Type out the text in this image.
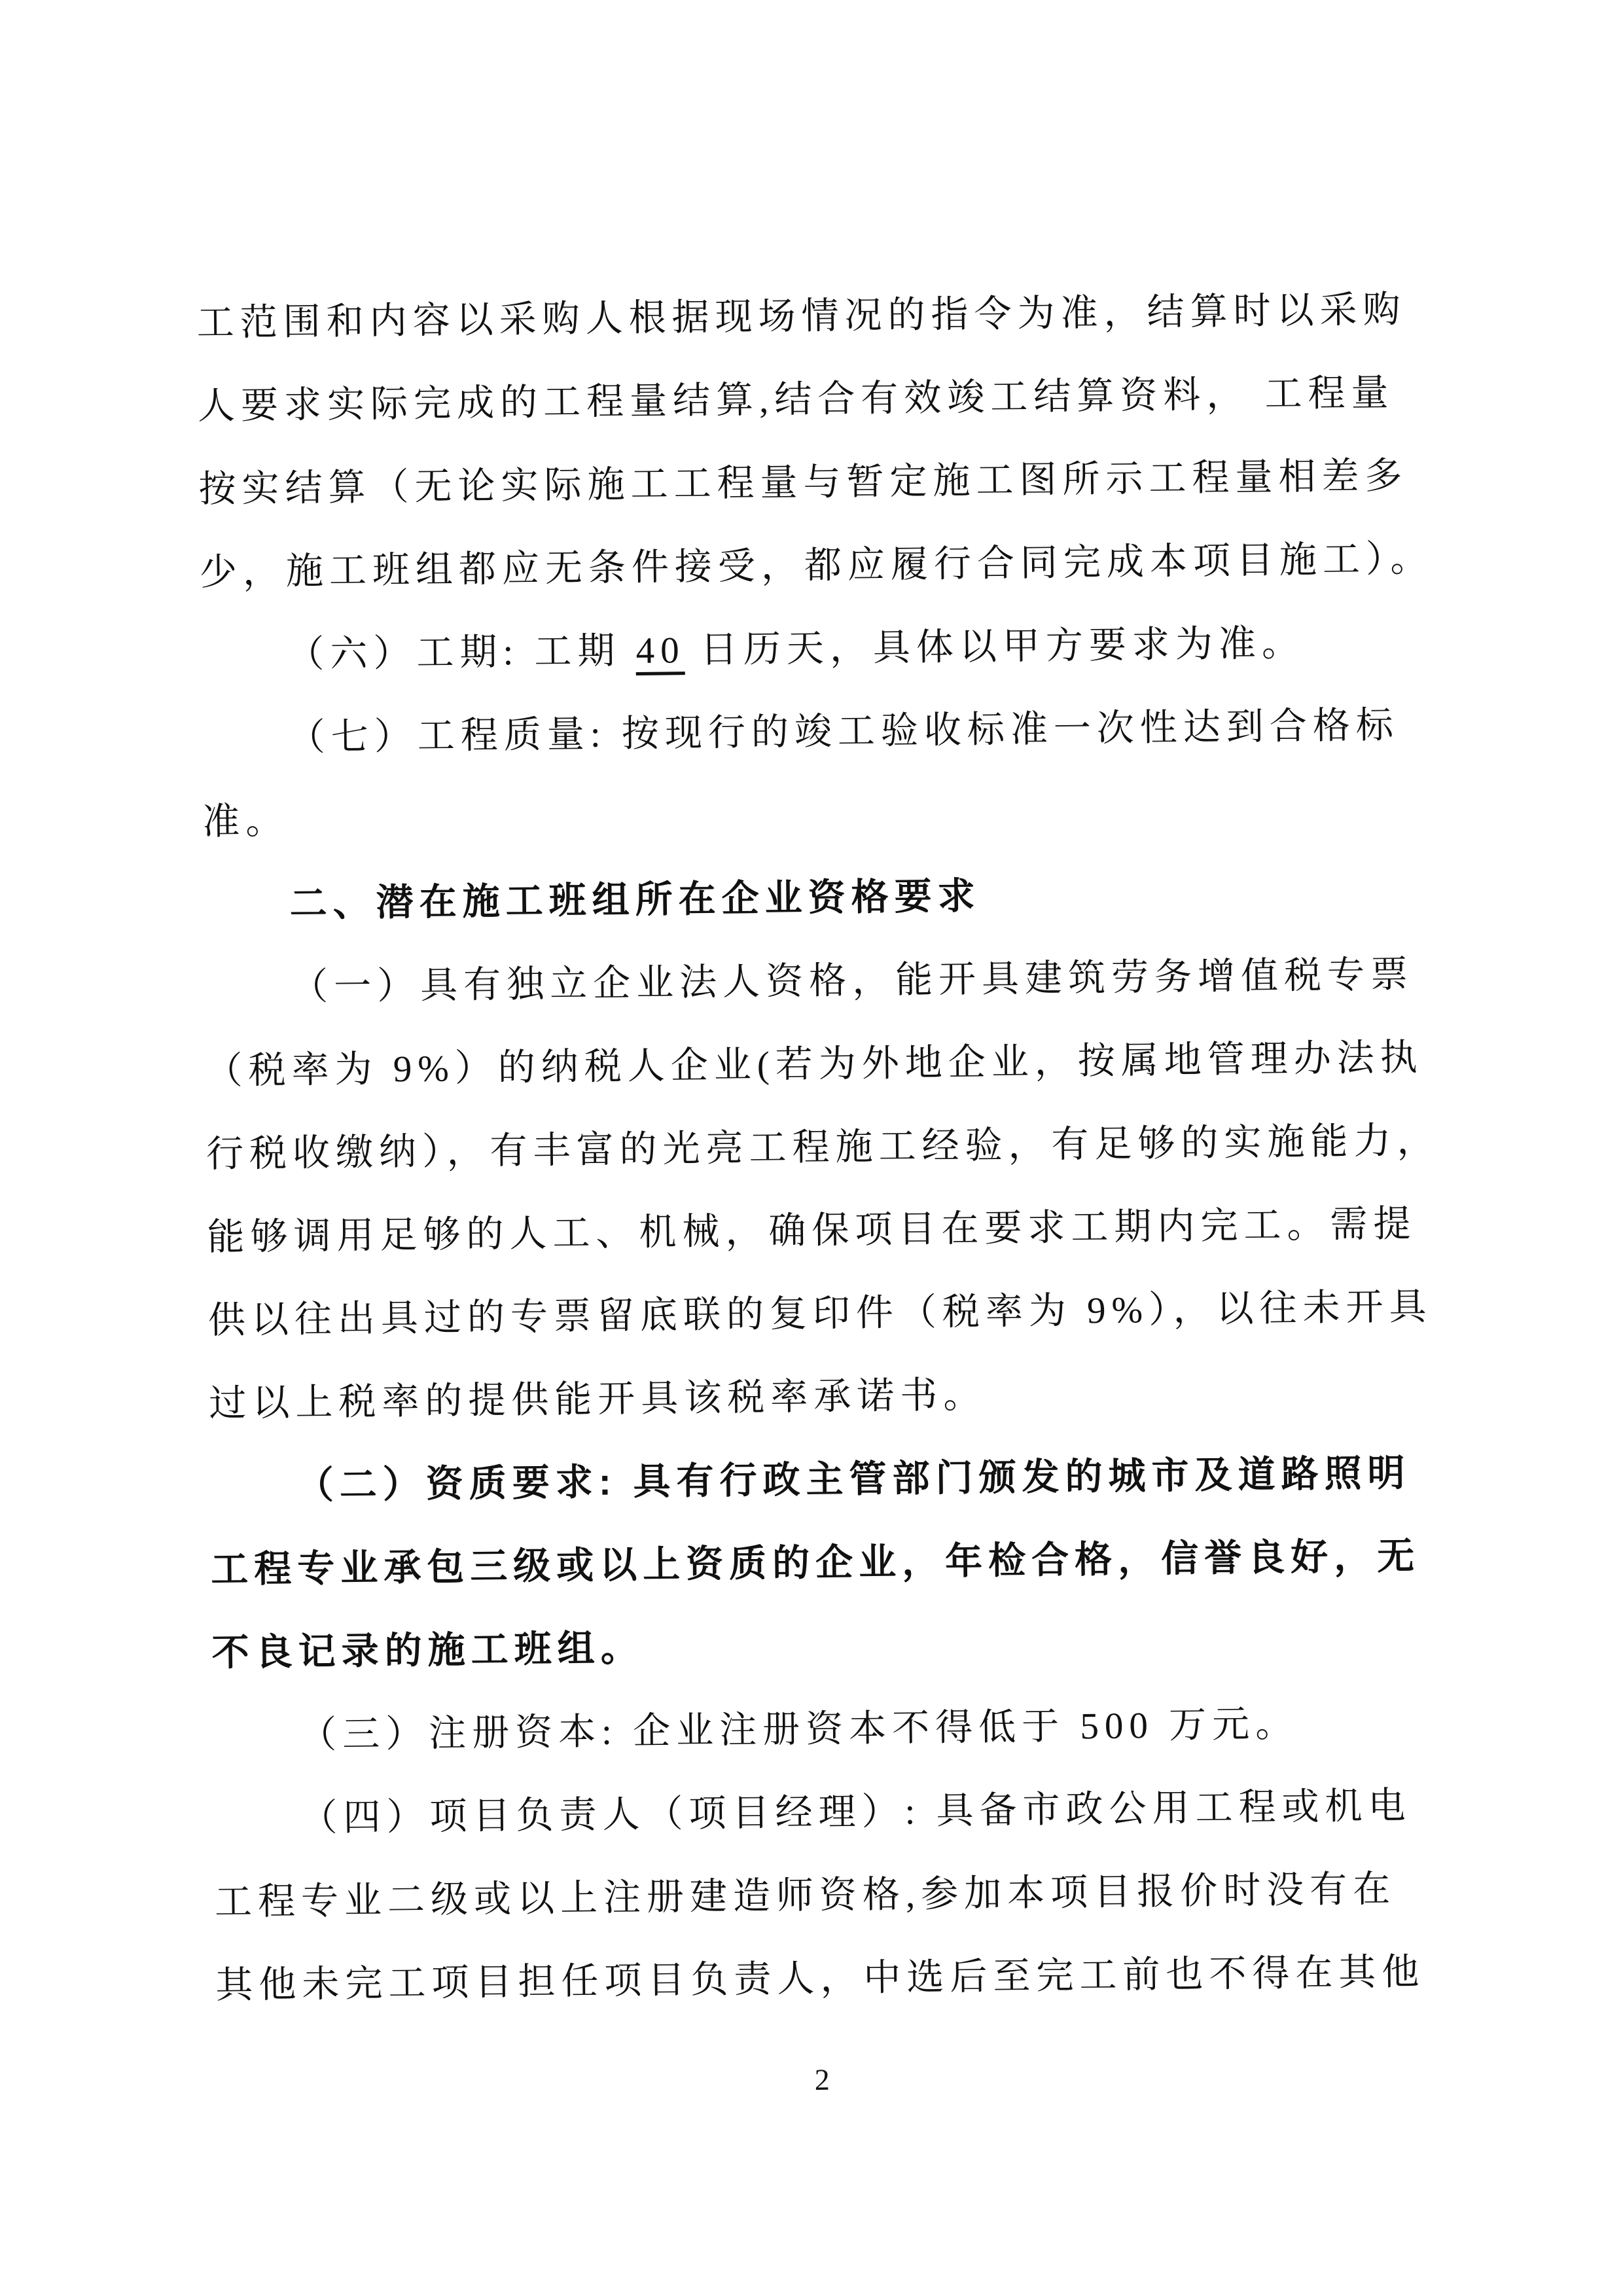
工范围和内容以采购人根据现场情况的指令为准，结算时以采购
人要求实际完成的工程量结算,结合有效竣工结算资料， 工程量
按实结算（无论实际施工工程量与暂定施工图所示工程量相差多
少，施工班组都应无条件接受，都应履行合同完成本项目施工）。
（六）工期: 工期 40 日历天，具体以甲方要求为准。
（七）工程质量: 按现行的竣工验收标准一次性达到合格标
准。
二、潜在施工班组所在企业资格要求
（一）具有独立企业法人资格，能开具建筑劳务增值税专票
（税率为 9%）的纳税人企业(若为外地企业，按属地管理办法执
行税收缴纳），有丰富的光亮工程施工经验，有足够的实施能力，
能够调用足够的人工、机械，确保项目在要求工期内完工。需提
供以往出具过的专票留底联的复印件（税率为 9%），以往未开具
过以上税率的提供能开具该税率承诺书。
（二）资质要求: 具有行政主管部门颁发的城市及道路照明
工程专业承包三级或以上资质的企业，年检合格，信誉良好，无
不良记录的施工班组。
（三）注册资本: 企业注册资本不得低于 500 万元。
（四）项目负责人（项目经理）: 具备市政公用工程或机电
工程专业二级或以上注册建造师资格,参加本项目报价时没有在
其他未完工项目担任项目负责人，中选后至完工前也不得在其他
2
